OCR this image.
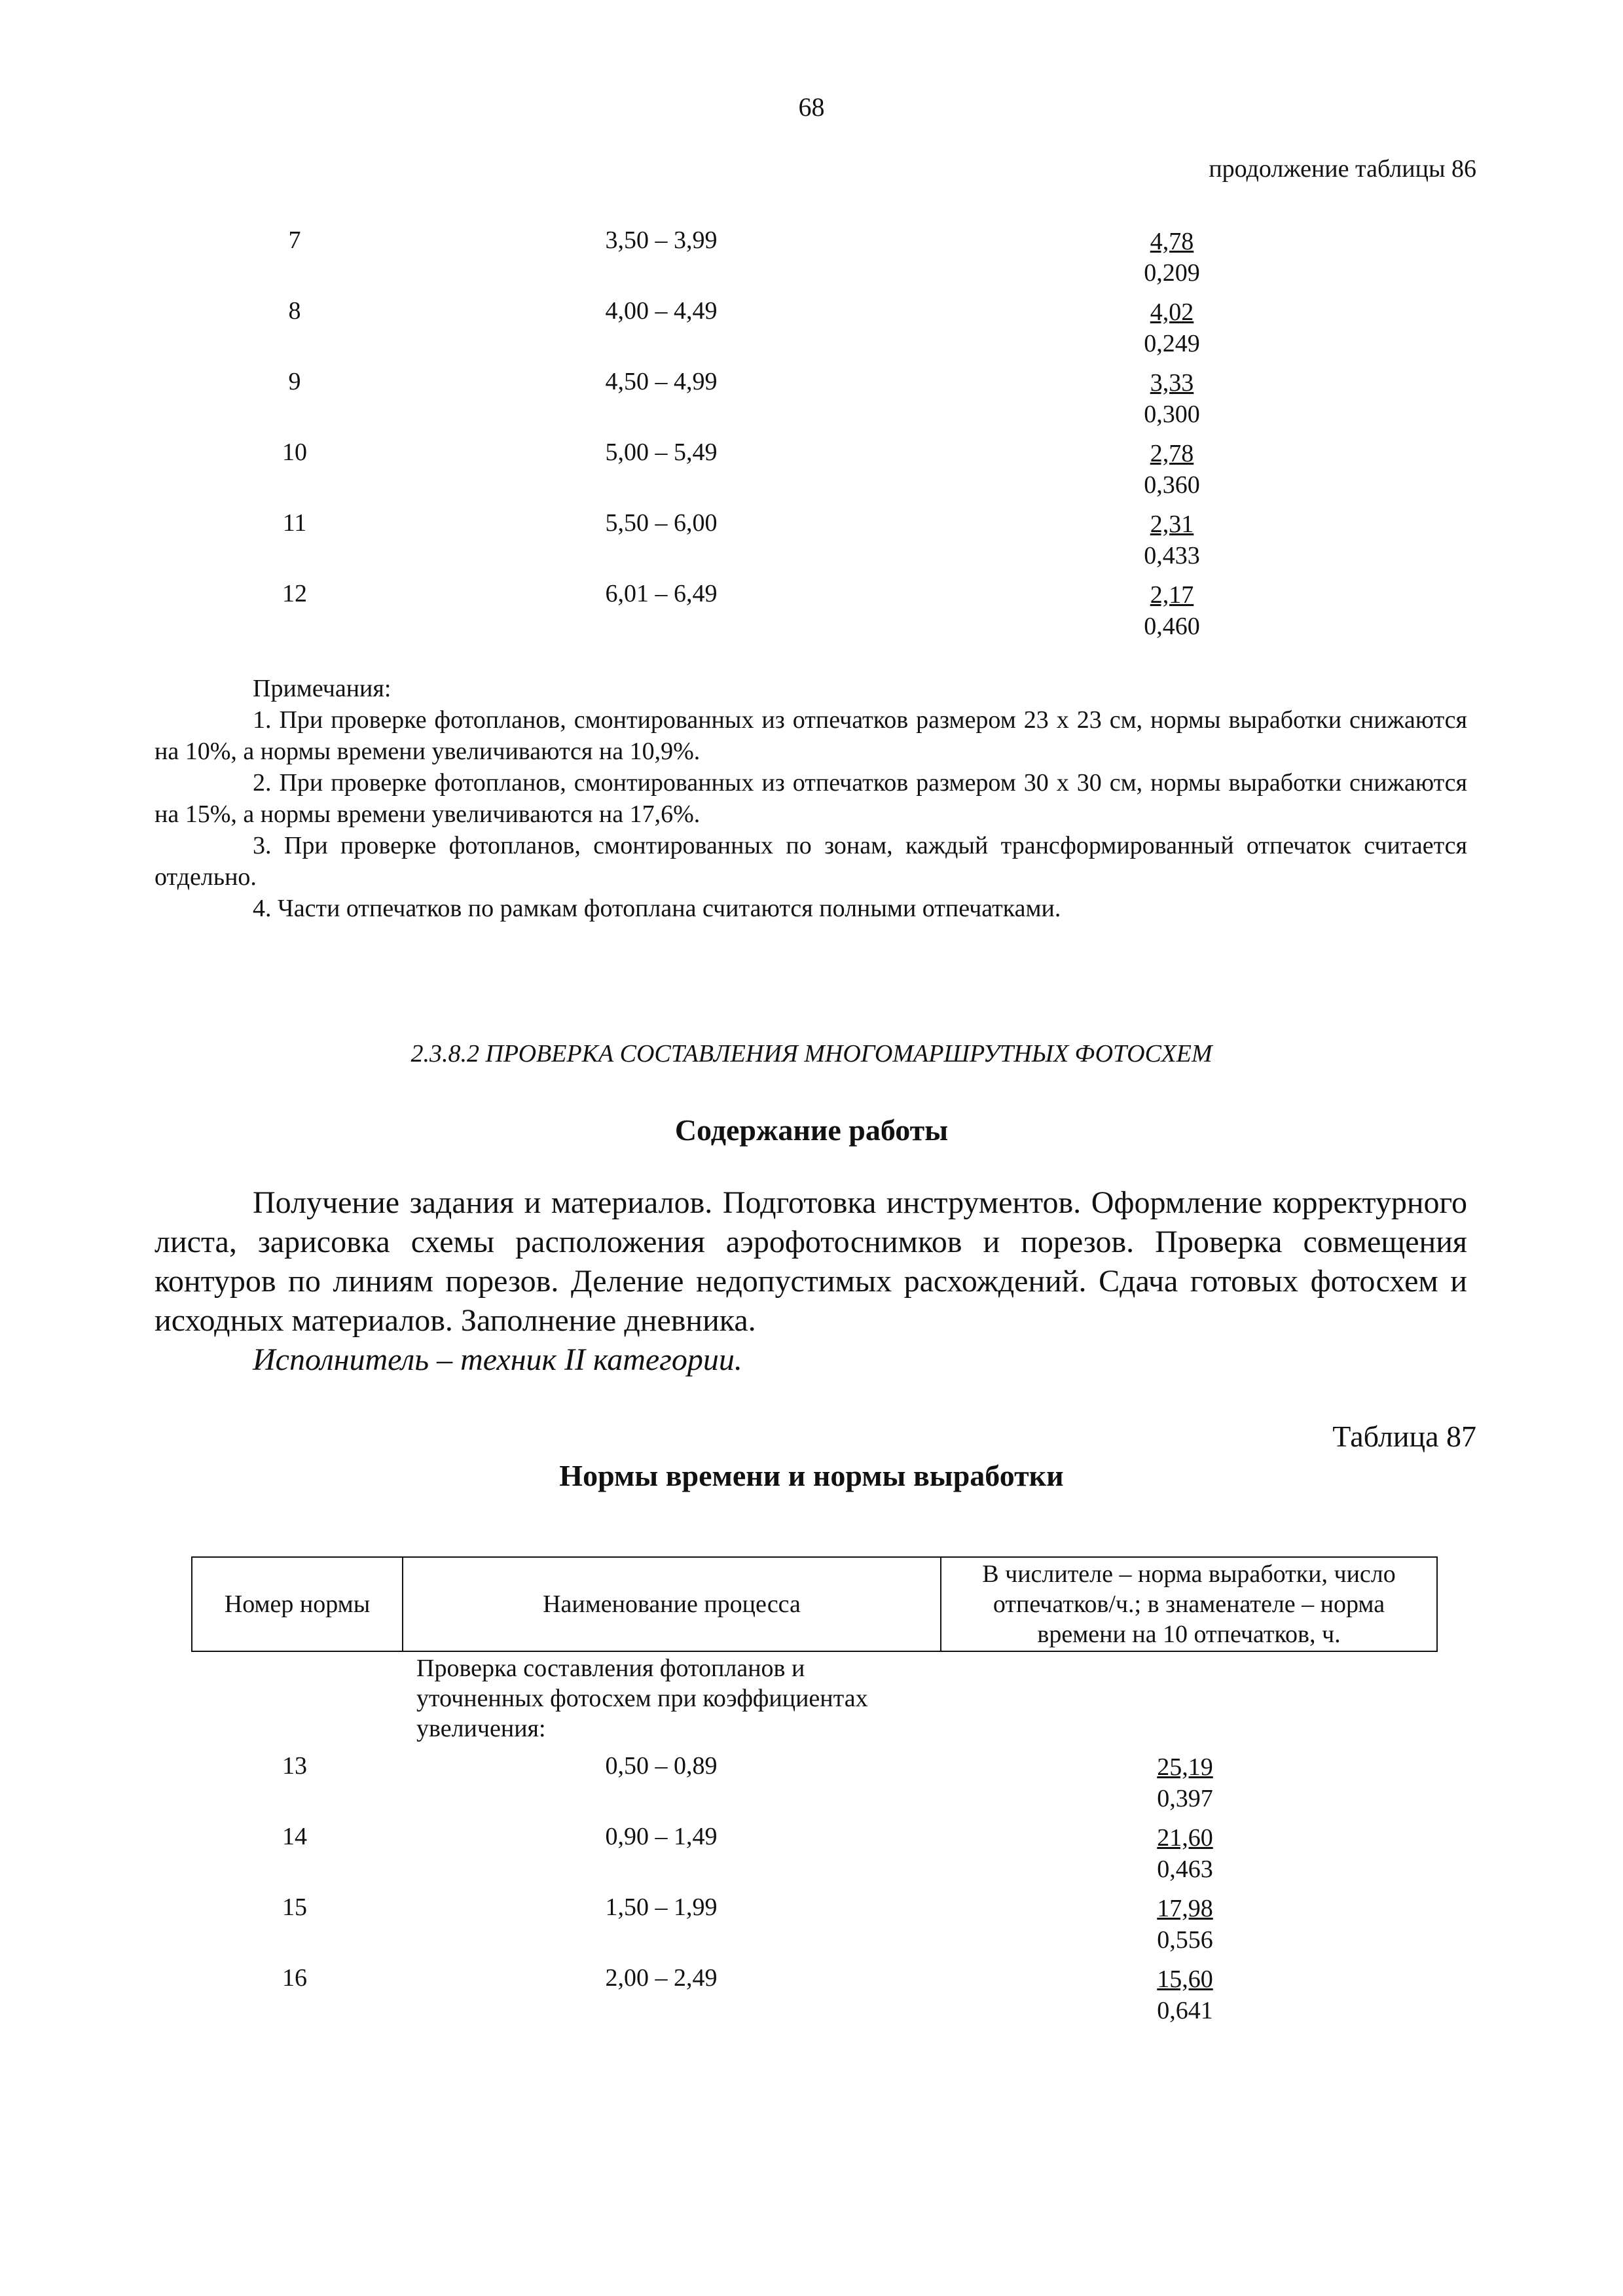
68
продолжение таблицы 86
7	3,50 – 3,99	$\frac{4,78}{0,209}$
8	4,00 – 4,49	$\frac{4,02}{0,249}$
9	4,50 – 4,99	$\frac{3,33}{0,300}$
10	5,00 – 5,49	$\frac{2,78}{0,360}$
11	5,50 – 6,00	$\frac{2,31}{0,433}$
12	6,01 – 6,49	$\frac{2,17}{0,460}$

Примечания:

1. При проверке фотопланов, смонтированных из отпечатков размером 23 х 23 см, нормы выработки снижаются на 10%, а нормы времени увеличиваются на 10,9%.

2. При проверке фотопланов, смонтированных из отпечатков размером 30 х 30 см, нормы выработки снижаются на 15%, а нормы времени увеличиваются на 17,6%.

3. При проверке фотопланов, смонтированных по зонам, каждый трансформированный отпечаток считается отдельно.

4. Части отпечатков по рамкам фотоплана считаются полными отпечатками.

2.3.8.2 ПРОВЕРКА СОСТАВЛЕНИЯ МНОГОМАРШРУТНЫХ ФОТОСХЕМ
Содержание работы

Получение задания и материалов. Подготовка инструментов. Оформление корректурного листа, зарисовка схемы расположения аэрофотоснимков и порезов. Проверка совмещения контуров по линиям порезов. Деление недопустимых расхождений. Сдача готовых фотосхем и исходных материалов. Заполнение дневника.

Исполнитель – техник II категории.

Таблица 87
Нормы времени и нормы выработки
Номер нормы	Наименование процесса
В числителе – норма выработки, число отпечатков/ч.; в знаменателе – норма времени на 10 отпечатков, ч.
Проверка составления фотопланов и уточненных фотосхем при коэффициентах увеличения:
13	0,50 – 0,89	$\frac{25,19}{0,397}$
14	0,90 – 1,49	$\frac{21,60}{0,463}$
15	1,50 – 1,99	$\frac{17,98}{0,556}$
16	2,00 – 2,49	$\frac{15,60}{0,641}$
